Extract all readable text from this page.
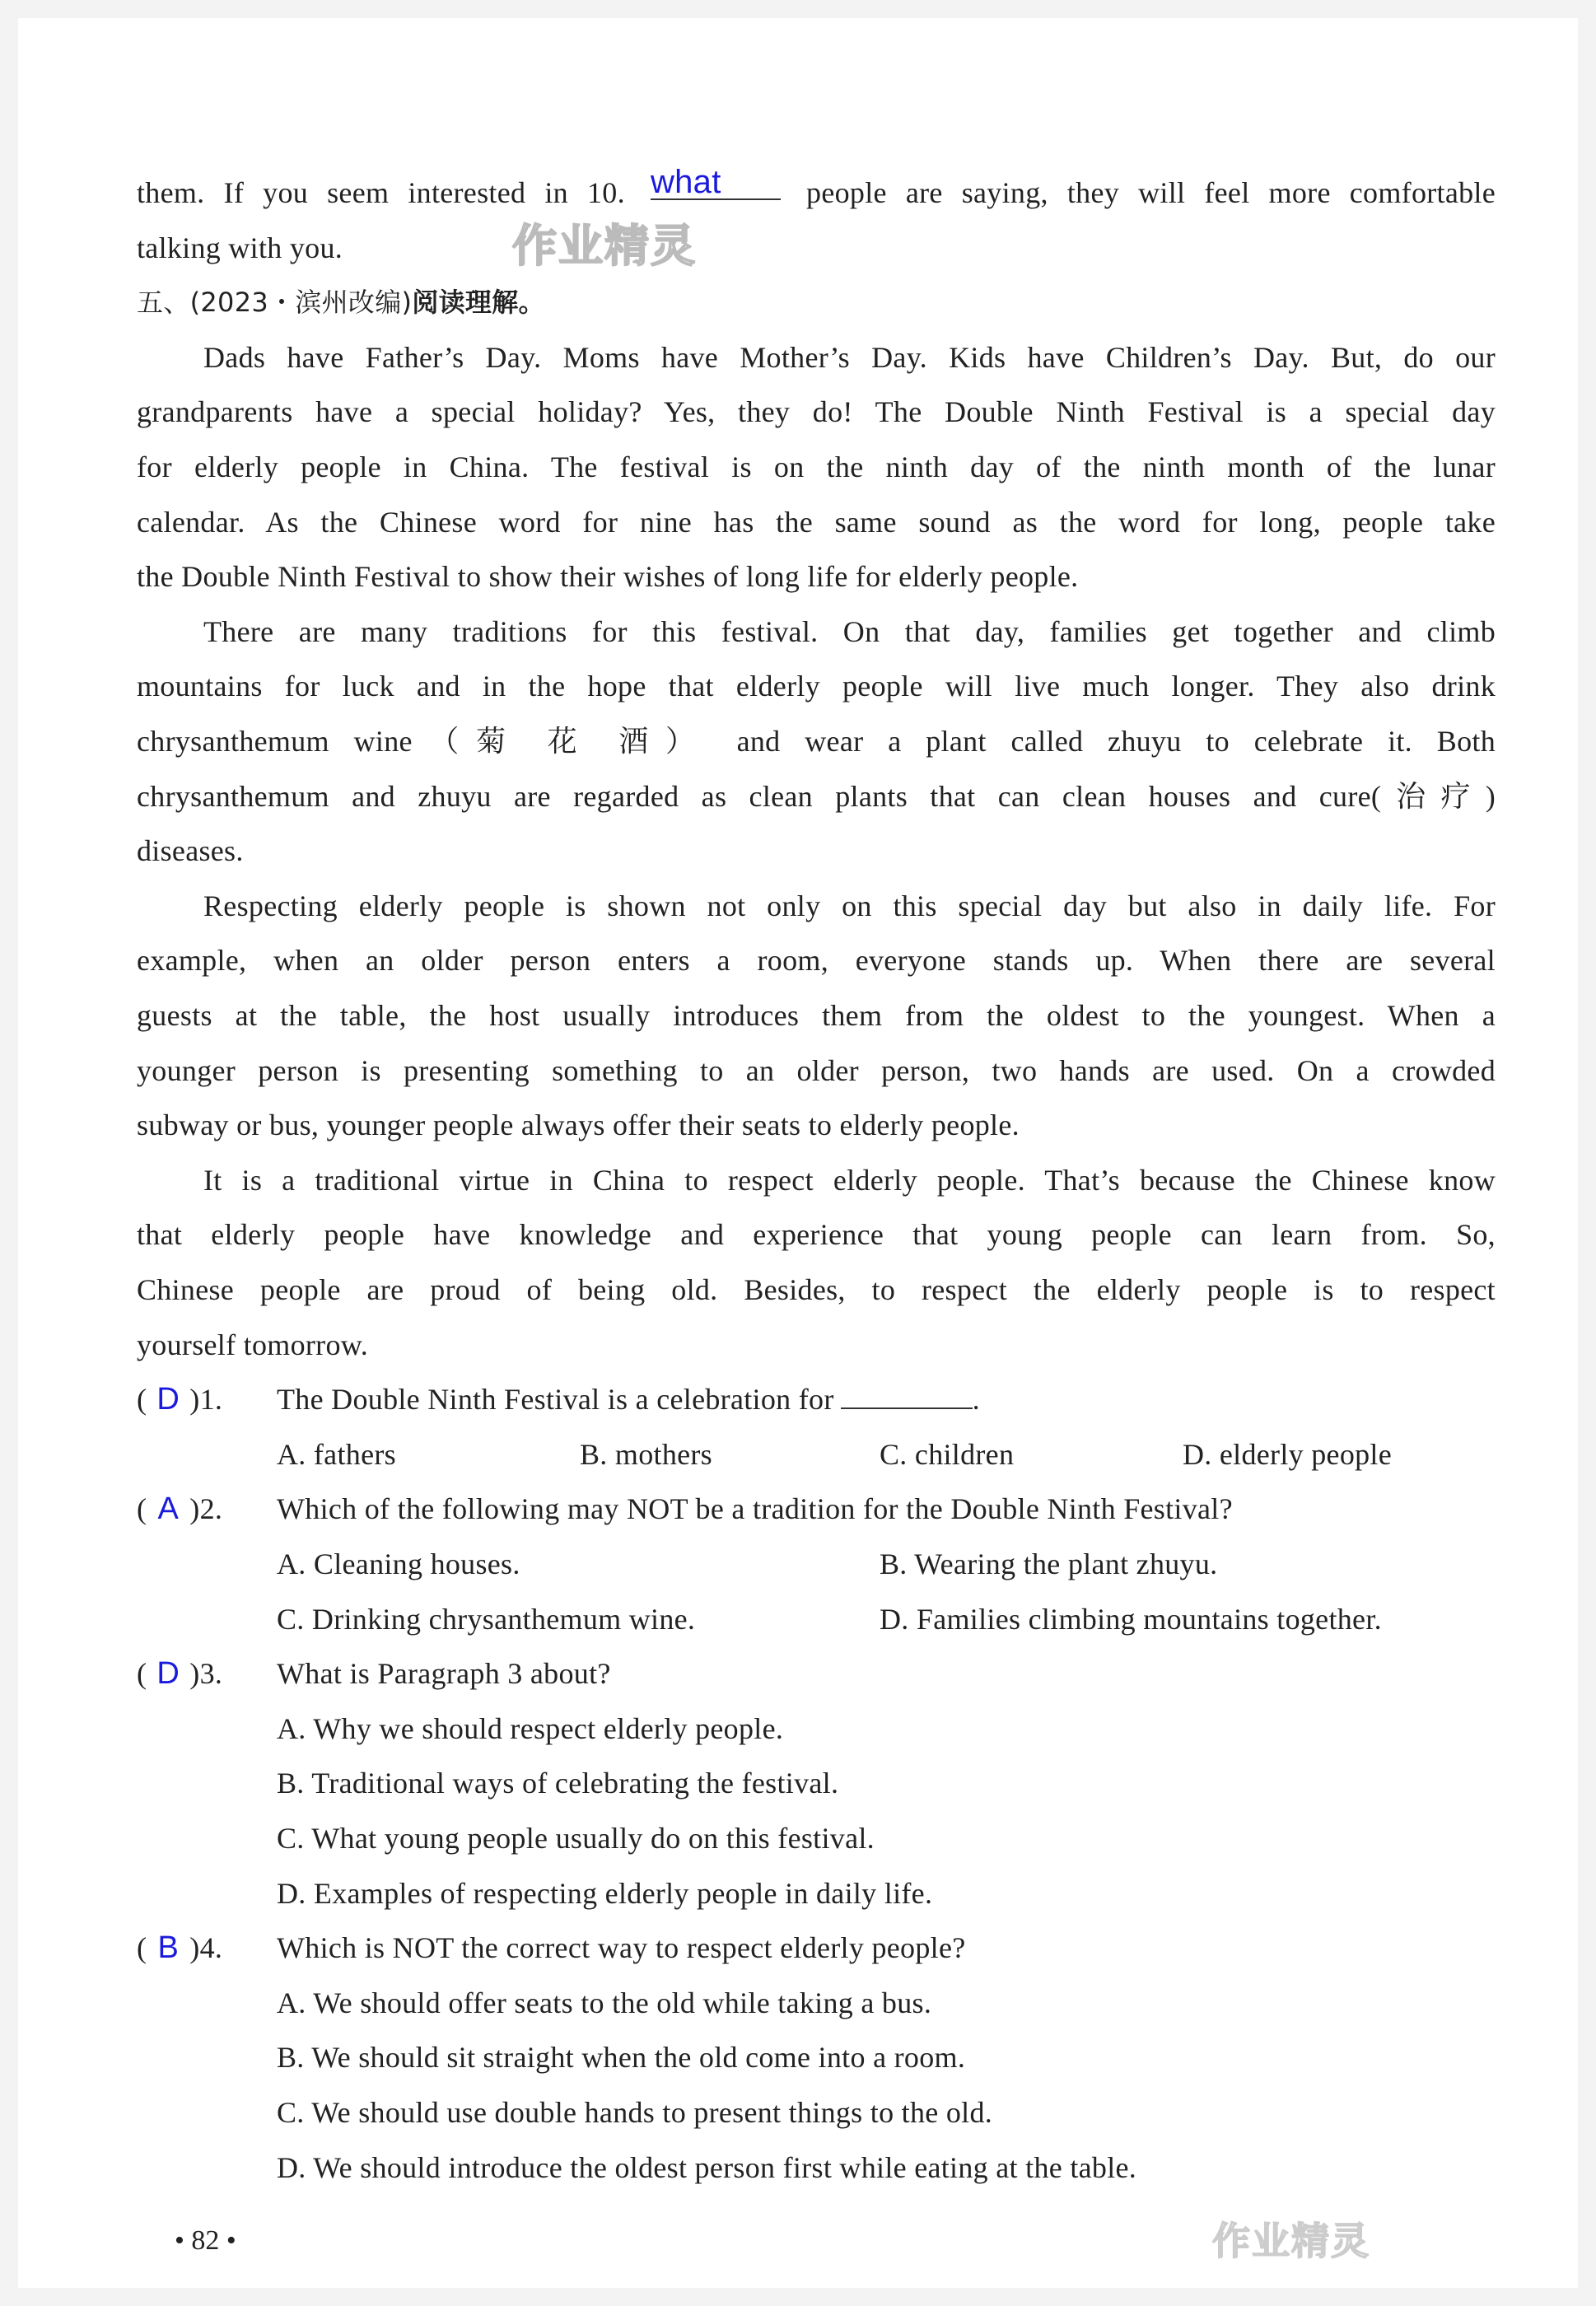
them. If you seem interested in 10. what	people are saying, they will feel more comfortable
talking with you.
五、(2023・滨州改编)阅读理解。
作业精灵
作业精灵
• 82 •
Dads have Father’s Day. Moms have Mother’s Day. Kids have Children’s Day. But, do our
grandparents have a special holiday? Yes, they do! The Double Ninth Festival is a special day
for elderly people in China. The festival is on the ninth day of the ninth month of the lunar
calendar. As the Chinese word for nine has the same sound as the word for long, people take
the Double Ninth Festival to show their wishes of long life for elderly people.
There are many traditions for this festival. On that day, families get together and climb
mountains for luck and in the hope that elderly people will live much longer. They also drink
chrysanthemum wine（菊 花 酒） and wear a plant called zhuyu to celebrate it. Both
chrysanthemum and zhuyu are regarded as clean plants that can clean houses and cure(治疗)
diseases.
Respecting elderly people is shown not only on this special day but also in daily life. For
example, when an older person enters a room, everyone stands up. When there are several
guests at the table, the host usually introduces them from the oldest to the youngest. When a
younger person is presenting something to an older person, two hands are used. On a crowded
subway or bus, younger people always offer their seats to elderly people.
It is a traditional virtue in China to respect elderly people. That’s because the Chinese know
that elderly people have knowledge and experience that young people can learn from. So,
Chinese people are proud of being old. Besides, to respect the elderly people is to respect
yourself tomorrow.
( D )1. The Double Ninth Festival is a celebration for	.
A. fathers	B. mothers	C. children	D. elderly people
( A )2. Which of the following may NOT be a tradition for the Double Ninth Festival?
A. Cleaning houses.	B. Wearing the plant zhuyu.
C. Drinking chrysanthemum wine.	D. Families climbing mountains together.
( D )3. What is Paragraph 3 about?
A. Why we should respect elderly people.
B. Traditional ways of celebrating the festival.
C. What young people usually do on this festival.
D. Examples of respecting elderly people in daily life.
( B )4. Which is NOT the correct way to respect elderly people?
A. We should offer seats to the old while taking a bus.
B. We should sit straight when the old come into a room.
C. We should use double hands to present things to the old.
D. We should introduce the oldest person first while eating at the table.
